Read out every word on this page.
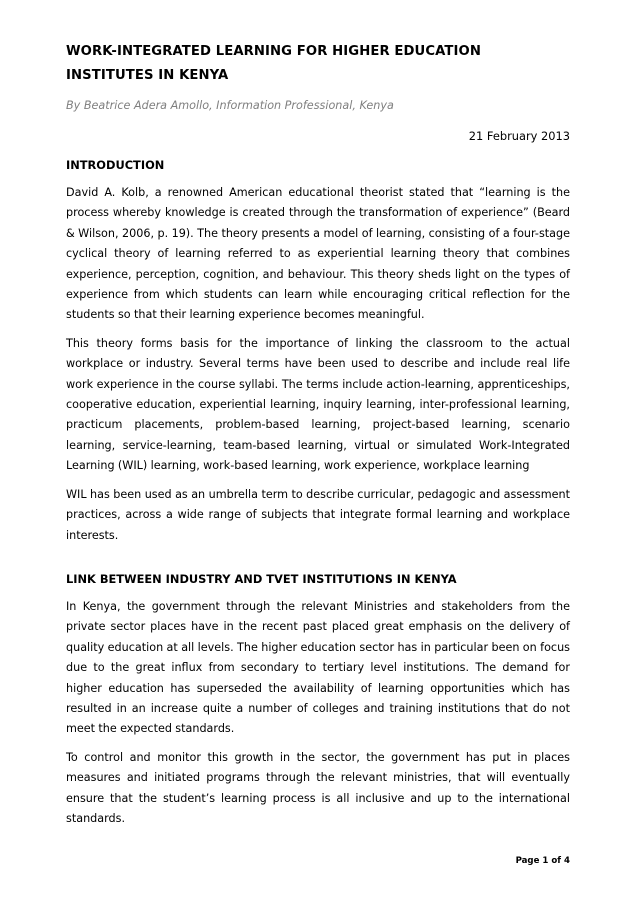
WORK-INTEGRATED LEARNING FOR HIGHER EDUCATION
INSTITUTES IN KENYA
By Beatrice Adera Amollo, Information Professional, Kenya
21 February 2013
INTRODUCTION

David A. Kolb, a renowned American educational theorist stated that “learning is the process whereby knowledge is created through the transformation of experience” (Beard & Wilson, 2006, p. 19). The theory presents a model of learning, consisting of a four-stage cyclical theory of learning referred to as experiential learning theory that combines experience, perception, cognition, and behaviour. This theory sheds light on the types of experience from which students can learn while encouraging critical reflection for the students so that their learning experience becomes meaningful.

This theory forms basis for the importance of linking the classroom to the actual workplace or industry. Several terms have been used to describe and include real life work experience in the course syllabi. The terms include action-learning, apprenticeships, cooperative education, experiential learning, inquiry learning, inter-professional learning, practicum placements, problem-based learning, project-based learning, scenario learning, service-learning, team-based learning, virtual or simulated Work-Integrated Learning (WIL) learning, work-based learning, work experience, workplace learning

WIL has been used as an umbrella term to describe curricular, pedagogic and assessment practices, across a wide range of subjects that integrate formal learning and workplace interests.

LINK BETWEEN INDUSTRY AND TVET INSTITUTIONS IN KENYA

In Kenya, the government through the relevant Ministries and stakeholders from the private sector places have in the recent past placed great emphasis on the delivery of quality education at all levels. The higher education sector has in particular been on focus due to the great influx from secondary to tertiary level institutions. The demand for higher education has superseded the availability of learning opportunities which has resulted in an increase quite a number of colleges and training institutions that do not meet the expected standards.

To control and monitor this growth in the sector, the government has put in places measures and initiated programs through the relevant ministries, that will eventually ensure that the student’s learning process is all inclusive and up to the international standards.

Page 1 of 4
